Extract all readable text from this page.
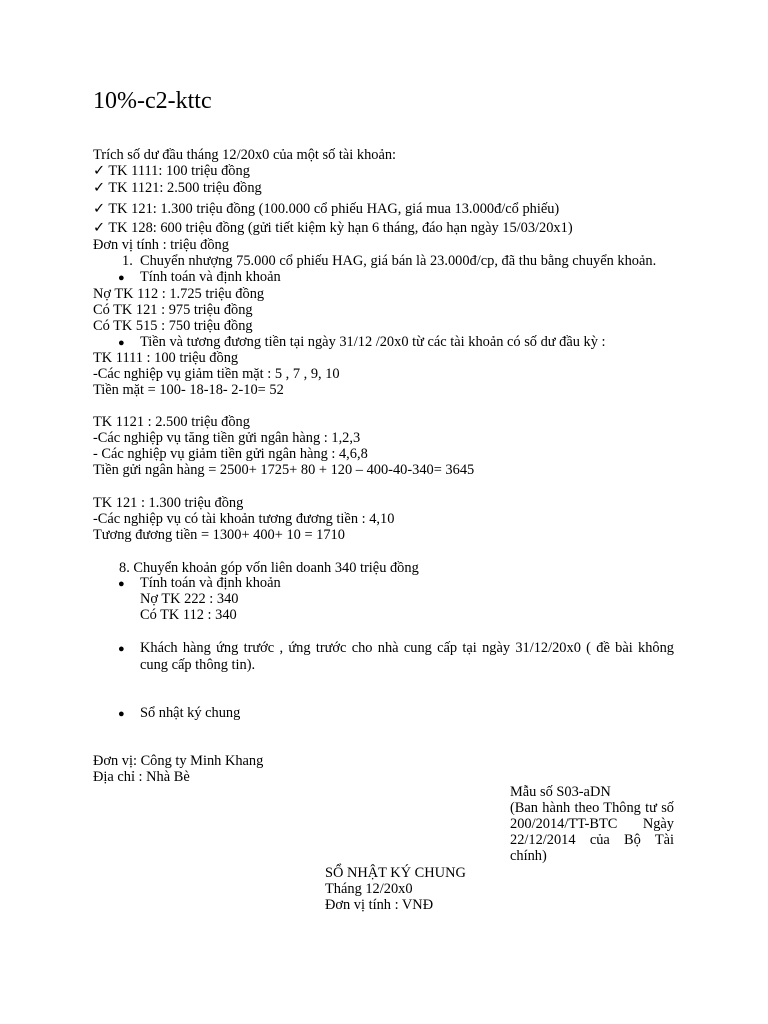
10%-c2-kttc
Trích số dư đầu tháng 12/20x0 của một số tài khoản:
✓ TK 1111: 100 triệu đồng
✓ TK 1121: 2.500 triệu đồng
✓ TK 121: 1.300 triệu đồng (100.000 cổ phiếu HAG, giá mua 13.000đ/cổ phiếu)
✓ TK 128: 600 triệu đồng (gửi tiết kiệm kỳ hạn 6 tháng, đáo hạn ngày 15/03/20x1)
Đơn vị tính : triệu đồng
1. Chuyển nhượng 75.000 cổ phiếu HAG, giá bán là 23.000đ/cp, đã thu bằng chuyển khoản.
● Tính toán và định khoản
Nợ TK 112 : 1.725 triệu đồng
Có TK 121 : 975 triệu đồng
Có TK 515 : 750 triệu đồng
● Tiền và tương đương tiền tại ngày 31/12 /20x0 từ các tài khoản có số dư đầu kỳ :
TK 1111 : 100 triệu đồng
-Các nghiệp vụ giảm tiền mặt : 5 , 7 , 9, 10
Tiền mặt = 100- 18-18- 2-10= 52
TK 1121 : 2.500 triệu đồng
-Các nghiệp vụ tăng tiền gửi ngân hàng : 1,2,3
- Các nghiệp vụ giảm tiền gửi ngân hàng : 4,6,8
Tiền gửi ngân hàng = 2500+ 1725+ 80 + 120 – 400-40-340= 3645
TK 121 : 1.300 triệu đồng
-Các nghiệp vụ có tài khoản tương đương tiền : 4,10
Tương đương tiền = 1300+ 400+ 10 = 1710
8. Chuyển khoản góp vốn liên doanh 340 triệu đồng
● Tính toán và định khoản
Nợ TK 222 : 340
Có TK 112 : 340
● Khách hàng ứng trước , ứng trước cho nhà cung cấp tại ngày 31/12/20x0 ( đề bài không cung cấp thông tin).
● Sổ nhật ký chung
Đơn vị: Công ty Minh Khang
Địa chỉ : Nhà Bè
Mẫu số S03-aDN
(Ban hành theo Thông tư số 200/2014/TT-BTC Ngày 22/12/2014 của Bộ Tài chính)
SỔ NHẬT KÝ CHUNG
Tháng 12/20x0
Đơn vị tính : VNĐ
